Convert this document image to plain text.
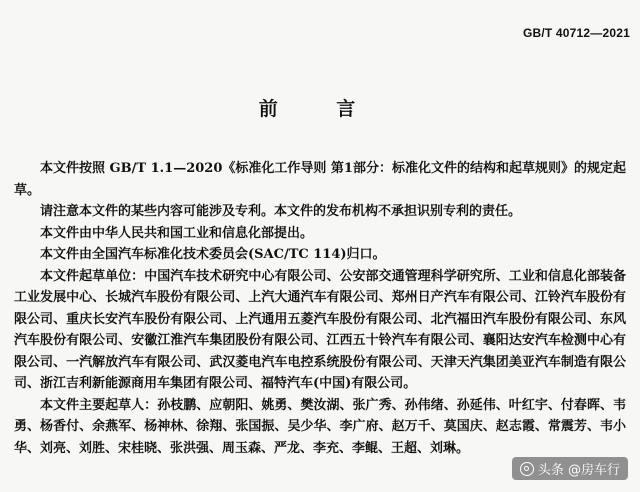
GB/T 40712—2021
前 言

本文件按照 GB/T 1.1—2020《标准化工作导则 第1部分：标准化文件的结构和起草规则》的规定起草。

请注意本文件的某些内容可能涉及专利。本文件的发布机构不承担识别专利的责任。

本文件由中华人民共和国工业和信息化部提出。

本文件由全国汽车标准化技术委员会(SAC/TC 114)归口。

本文件起草单位：中国汽车技术研究中心有限公司、公安部交通管理科学研究所、工业和信息化部装备工业发展中心、长城汽车股份有限公司、上汽大通汽车有限公司、郑州日产汽车有限公司、江铃汽车股份有限公司、重庆长安汽车股份有限公司、上汽通用五菱汽车股份有限公司、北汽福田汽车股份有限公司、东风汽车股份有限公司、安徽江淮汽车集团股份有限公司、江西五十铃汽车有限公司、襄阳达安汽车检测中心有限公司、一汽解放汽车有限公司、武汉菱电汽车电控系统股份有限公司、天津天汽集团美亚汽车制造有限公司、浙江吉利新能源商用车集团有限公司、福特汽车(中国)有限公司。

本文件主要起草人：孙枝鹏、应朝阳、姚勇、樊汝湖、张广秀、孙伟绪、孙延伟、叶红宇、付春晖、韦勇、杨香付、余燕军、杨神林、徐翔、张国振、吴少华、李广府、赵万千、莫国庆、赵志霞、常震芳、韦小华、刘亮、刘胜、宋桂晓、张洪强、周玉森、严龙、李充、李鲲、王超、刘琳。

头条 @房车行
